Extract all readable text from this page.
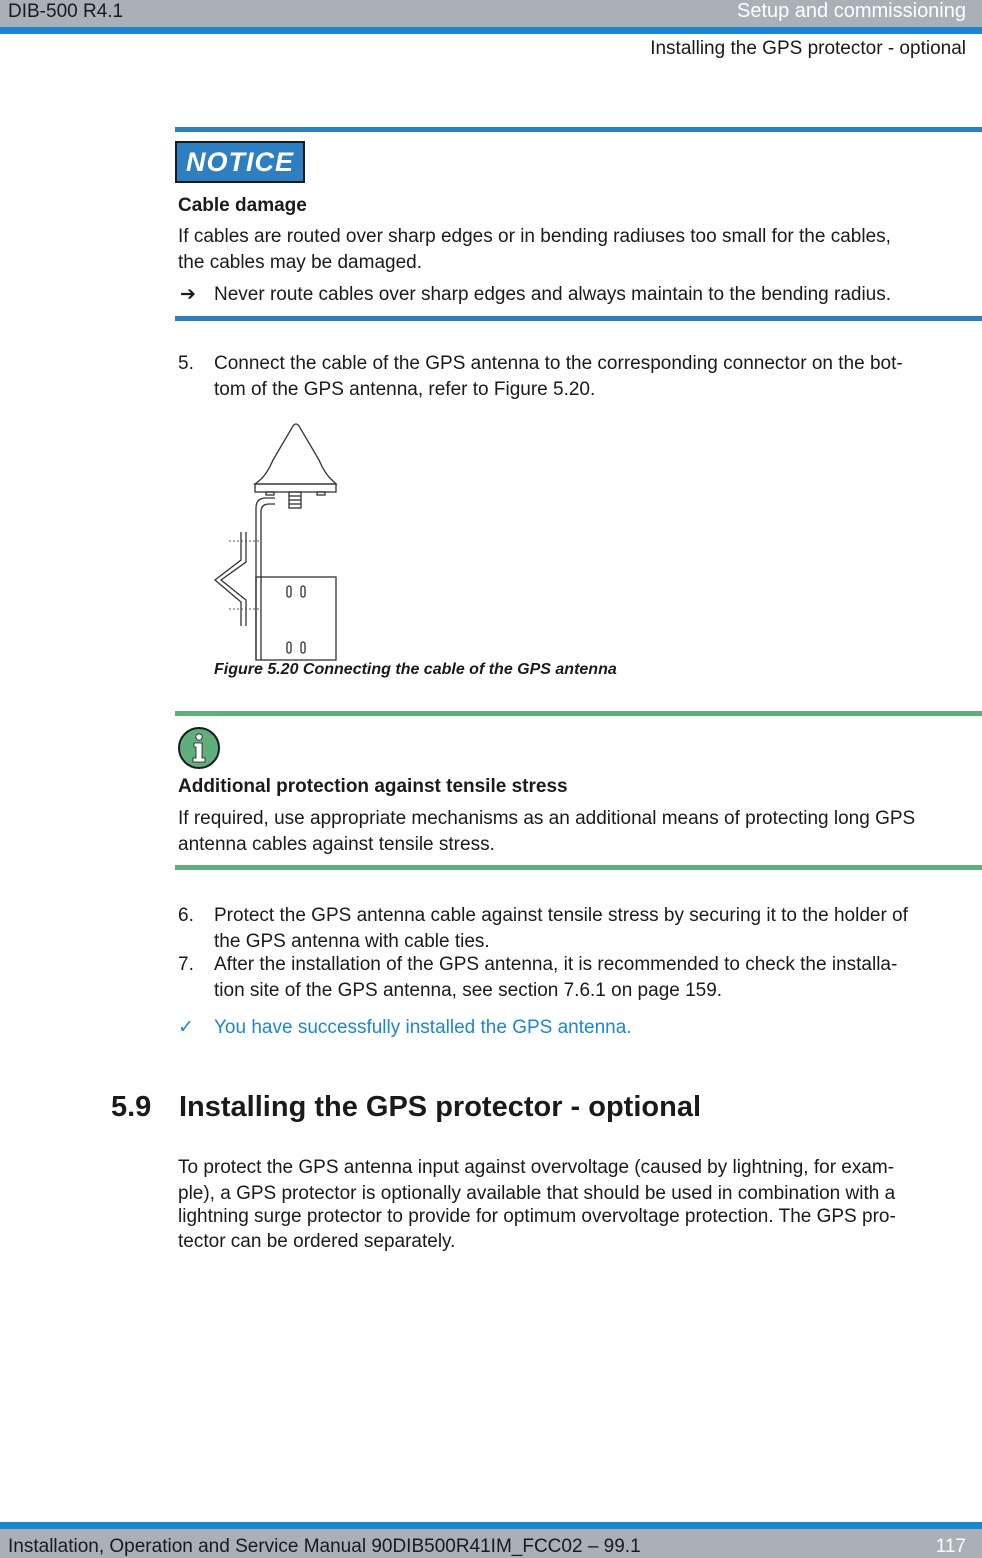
DIB-500 R4.1	Setup and commissioning
Installing the GPS protector - optional
NOTICE
Cable damage
If cables are routed over sharp edges or in bending radiuses too small for the cables,
the cables may be damaged.
➔ Never route cables over sharp edges and always maintain to the bending radius.
5. Connect the cable of the GPS antenna to the corresponding connector on the bot-
tom of the GPS antenna, refer to Figure 5.20.
Figure 5.20 Connecting the cable of the GPS antenna
Additional protection against tensile stress
If required, use appropriate mechanisms as an additional means of protecting long GPS
antenna cables against tensile stress.
6. Protect the GPS antenna cable against tensile stress by securing it to the holder of
the GPS antenna with cable ties.
7. After the installation of the GPS antenna, it is recommended to check the installa-
tion site of the GPS antenna, see section 7.6.1 on page 159.
✓ You have successfully installed the GPS antenna.
5.9 Installing the GPS protector - optional
To protect the GPS antenna input against overvoltage (caused by lightning, for exam-
ple), a GPS protector is optionally available that should be used in combination with a
lightning surge protector to provide for optimum overvoltage protection. The GPS pro-
tector can be ordered separately.
Installation, Operation and Service Manual 90DIB500R41IM_FCC02 – 99.1	117
